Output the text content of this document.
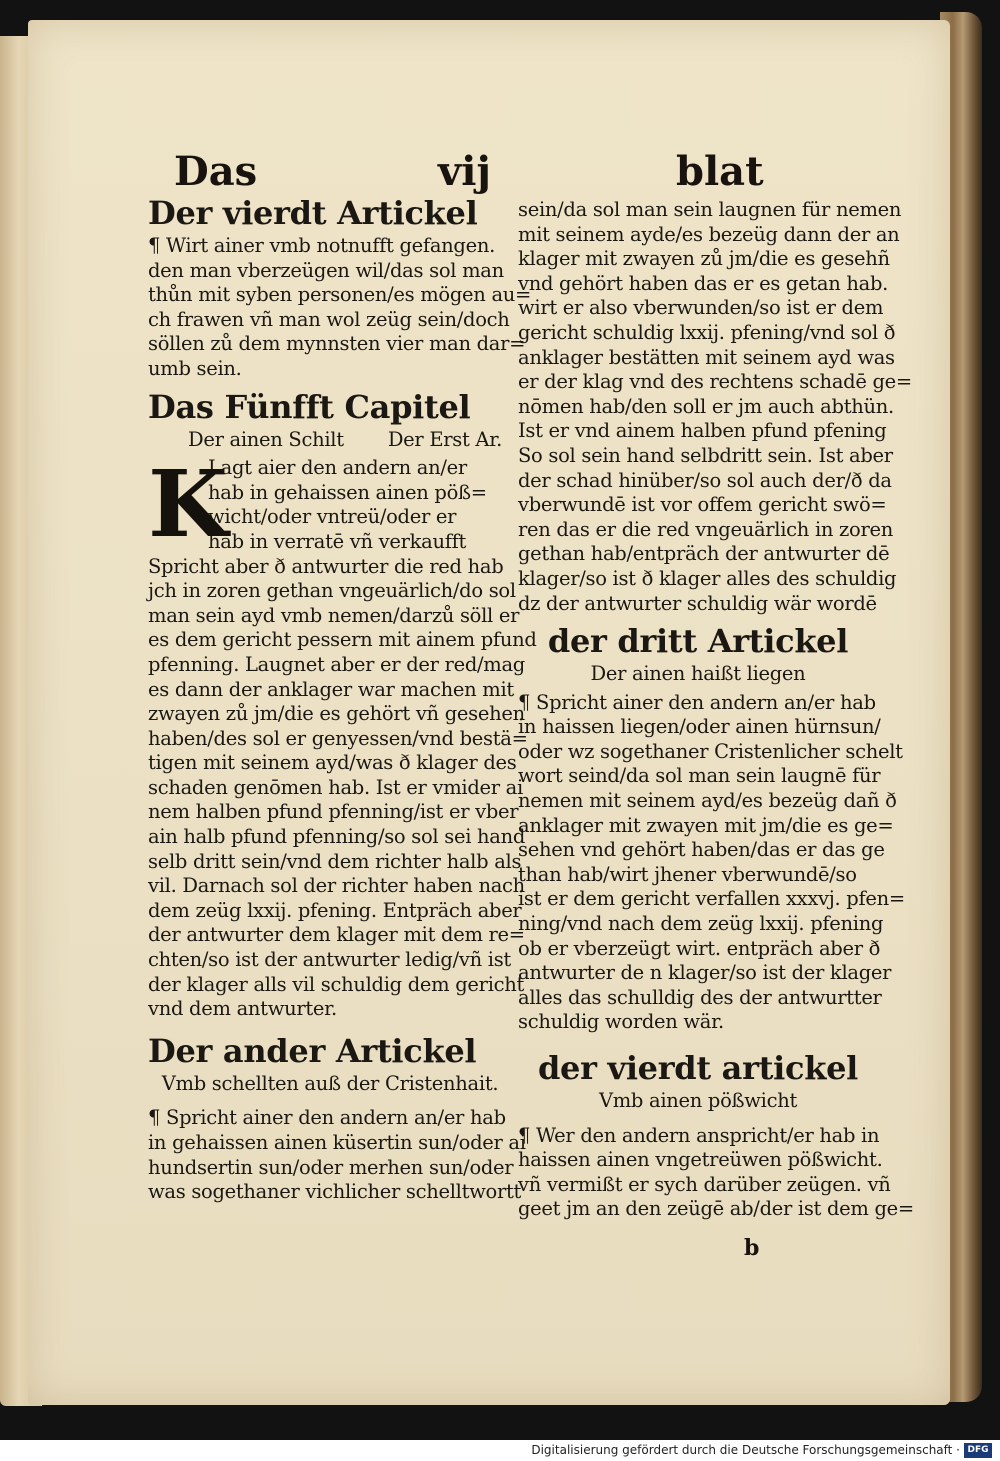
Das	vij	blat

Der vierdt Artickel

¶ Wirt ainer vmb notnufft gefangen.

den man vberzeügen wil/das sol man

thůn mit syben personen/es mögen au=

ch frawen vñ man wol zeüg sein/doch

söllen zů dem mynnsten vier man dar=

umb sein.

Das Fünfft Capitel

Der ainen Schilt Der Erst Ar.
K

Lagt aier den andern an/er

hab in gehaissen ainen pöß=

wicht/oder vntreü/oder er

hab in verratē vñ verkaufft

Spricht aber ð antwurter die red hab

jch in zoren gethan vngeuärlich/do sol

man sein ayd vmb nemen/darzů söll er

es dem gericht pessern mit ainem pfund

pfenning. Laugnet aber er der red/mag

es dann der anklager war machen mit

zwayen zů jm/die es gehört vñ gesehen

haben/des sol er genyessen/vnd bestä=

tigen mit seinem ayd/was ð klager des

schaden genōmen hab. Ist er vmider ai

nem halben pfund pfenning/ist er vber

ain halb pfund pfenning/so sol sei hand

selb dritt sein/vnd dem richter halb als

vil. Darnach sol der richter haben nach

dem zeüg lxxij. pfening. Entpräch aber

der antwurter dem klager mit dem re=

chten/so ist der antwurter ledig/vñ ist

der klager alls vil schuldig dem gericht

vnd dem antwurter.

Der ander Artickel

Vmb schellten auß der Cristenhait.

¶ Spricht ainer den andern an/er hab

in gehaissen ainen küsertin sun/oder ai

hundsertin sun/oder merhen sun/oder

was sogethaner vichlicher schelltwortt

sein/da sol man sein laugnen für nemen

mit seinem ayde/es bezeüg dann der an

klager mit zwayen zů jm/die es gesehñ

vnd gehört haben das er es getan hab.

wirt er also vberwunden/so ist er dem

gericht schuldig lxxij. pfening/vnd sol ð

anklager bestätten mit seinem ayd was

er der klag vnd des rechtens schadē ge=

nōmen hab/den soll er jm auch abthün.

Ist er vnd ainem halben pfund pfening

So sol sein hand selbdritt sein. Ist aber

der schad hinüber/so sol auch der/ð da

vberwundē ist vor offem gericht swö=

ren das er die red vngeuärlich in zoren

gethan hab/entpräch der antwurter dē

klager/so ist ð klager alles des schuldig

dz der antwurter schuldig wär wordē

der dritt Artickel

Der ainen haißt liegen

¶ Spricht ainer den andern an/er hab

in haissen liegen/oder ainen hürnsun/

oder wz sogethaner Cristenlicher schelt

wort seind/da sol man sein laugnē für

nemen mit seinem ayd/es bezeüg dañ ð

anklager mit zwayen mit jm/die es ge=

sehen vnd gehört haben/das er das ge

than hab/wirt jhener vberwundē/so

ist er dem gericht verfallen xxxvj. pfen=

ning/vnd nach dem zeüg lxxij. pfening

ob er vberzeügt wirt. entpräch aber ð

antwurter de n klager/so ist der klager

alles das schulldig des der antwurtter

schuldig worden wär.

der vierdt artickel

Vmb ainen pößwicht

¶ Wer den andern anspricht/er hab in

haissen ainen vngetreüwen pößwicht.

vñ vermißt er sych darüber zeügen. vñ

geet jm an den zeügē ab/der ist dem ge=

b
Digitalisierung gefördert durch die Deutsche Forschungsgemeinschaft · DFG
